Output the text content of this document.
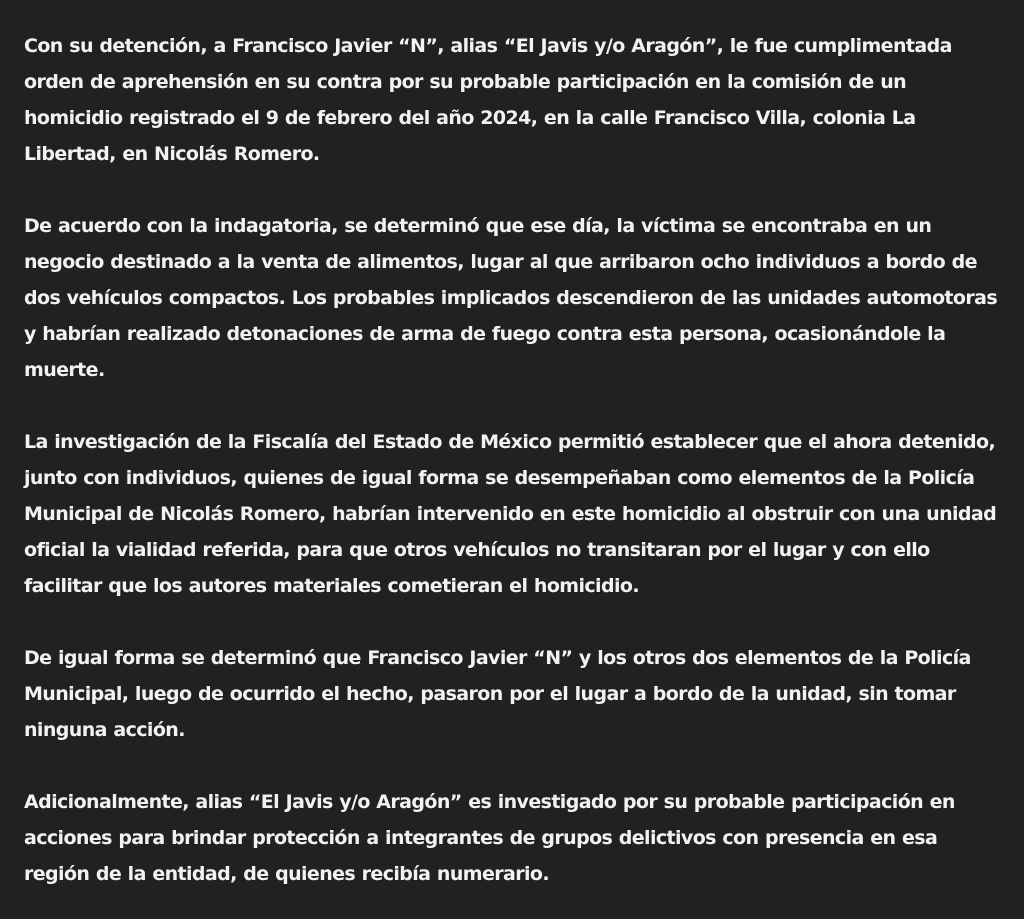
Con su detención, a Francisco Javier “N”, alias “El Javis y/o Aragón”, le fue cumplimentada orden de aprehensión en su contra por su probable participación en la comisión de un homicidio registrado el 9 de febrero del año 2024, en la calle Francisco Villa, colonia La Libertad, en Nicolás Romero.

De acuerdo con la indagatoria, se determinó que ese día, la víctima se encontraba en un negocio destinado a la venta de alimentos, lugar al que arribaron ocho individuos a bordo de dos vehículos compactos. Los probables implicados descendieron de las unidades automotoras y habrían realizado detonaciones de arma de fuego contra esta persona, ocasionándole la muerte.

La investigación de la Fiscalía del Estado de México permitió establecer que el ahora detenido, junto con individuos, quienes de igual forma se desempeñaban como elementos de la Policía Municipal de Nicolás Romero, habrían intervenido en este homicidio al obstruir con una unidad oficial la vialidad referida, para que otros vehículos no transitaran por el lugar y con ello facilitar que los autores materiales cometieran el homicidio.

De igual forma se determinó que Francisco Javier “N” y los otros dos elementos de la Policía Municipal, luego de ocurrido el hecho, pasaron por el lugar a bordo de la unidad, sin tomar ninguna acción.

Adicionalmente, alias “El Javis y/o Aragón” es investigado por su probable participación en acciones para brindar protección a integrantes de grupos delictivos con presencia en esa región de la entidad, de quienes recibía numerario.
